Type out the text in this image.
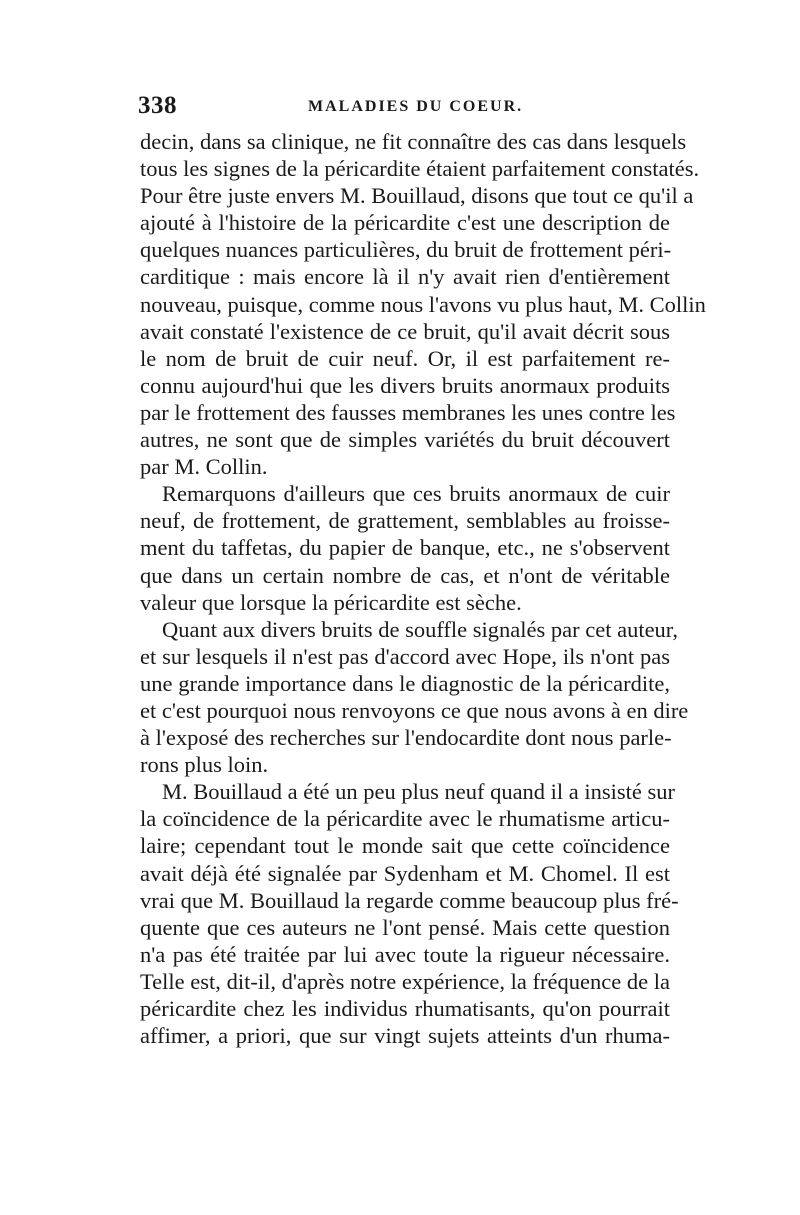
338	MALADIES DU COEUR.
decin, dans sa clinique, ne fit connaître des cas dans lesquels
tous les signes de la péricardite étaient parfaitement constatés.
Pour être juste envers M. Bouillaud, disons que tout ce qu'il a
ajouté à l'histoire de la péricardite c'est une description de
quelques nuances particulières, du bruit de frottement péri-
carditique : mais encore là il n'y avait rien d'entièrement
nouveau, puisque, comme nous l'avons vu plus haut, M. Collin
avait constaté l'existence de ce bruit, qu'il avait décrit sous
le nom de bruit de cuir neuf. Or, il est parfaitement re-
connu aujourd'hui que les divers bruits anormaux produits
par le frottement des fausses membranes les unes contre les
autres, ne sont que de simples variétés du bruit découvert
par M. Collin.
Remarquons d'ailleurs que ces bruits anormaux de cuir
neuf, de frottement, de grattement, semblables au froisse-
ment du taffetas, du papier de banque, etc., ne s'observent
que dans un certain nombre de cas, et n'ont de véritable
valeur que lorsque la péricardite est sèche.
Quant aux divers bruits de souffle signalés par cet auteur,
et sur lesquels il n'est pas d'accord avec Hope, ils n'ont pas
une grande importance dans le diagnostic de la péricardite,
et c'est pourquoi nous renvoyons ce que nous avons à en dire
à l'exposé des recherches sur l'endocardite dont nous parle-
rons plus loin.
M. Bouillaud a été un peu plus neuf quand il a insisté sur
la coïncidence de la péricardite avec le rhumatisme articu-
laire; cependant tout le monde sait que cette coïncidence
avait déjà été signalée par Sydenham et M. Chomel. Il est
vrai que M. Bouillaud la regarde comme beaucoup plus fré-
quente que ces auteurs ne l'ont pensé. Mais cette question
n'a pas été traitée par lui avec toute la rigueur nécessaire.
Telle est, dit-il, d'après notre expérience, la fréquence de la
péricardite chez les individus rhumatisants, qu'on pourrait
affimer, a priori, que sur vingt sujets atteints d'un rhuma-
